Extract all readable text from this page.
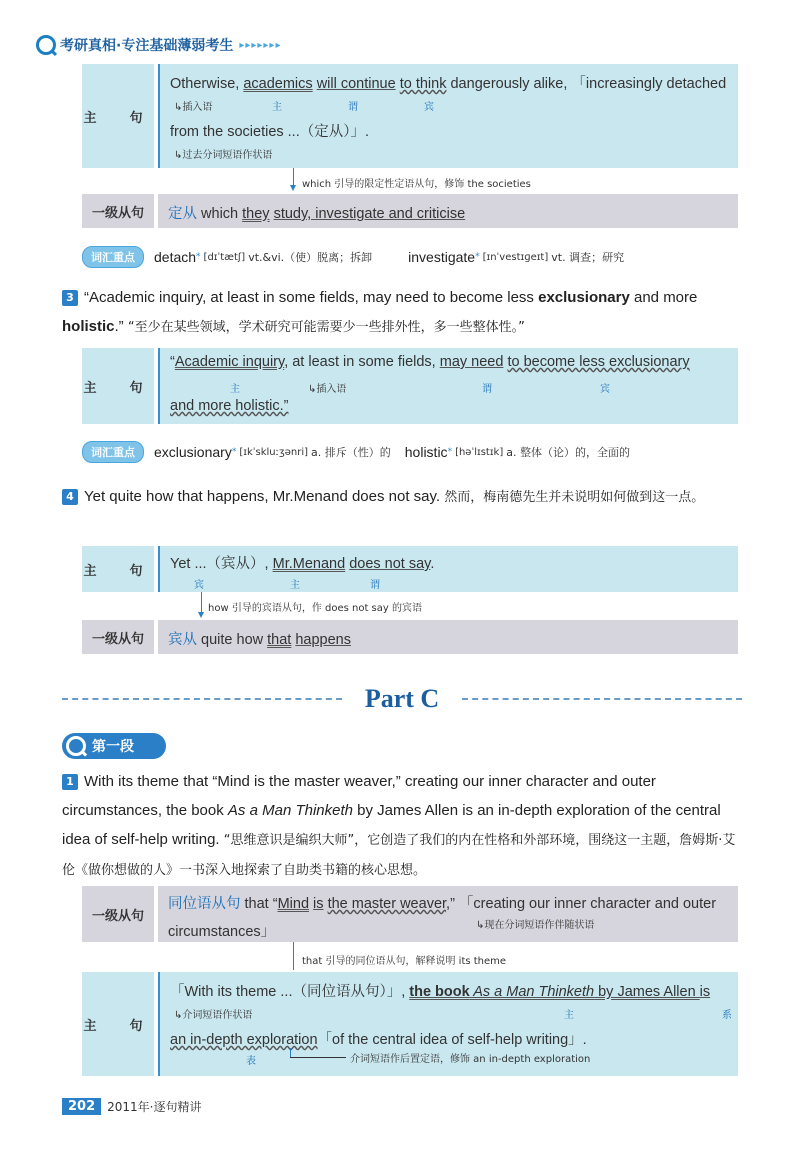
考研真相·专注基础薄弱考生 ▸▸▸▸▸▸▸
主　句
Otherwise, academics will continue to think dangerously alike, 「increasingly detached
↳插入语	主	谓	宾
from the societies ...（定从）」.
↳过去分词短语作状语
which 引导的限定性定语从句，修饰 the societies
一级从句	定从 which they study, investigate and criticise
词汇重点	detach * [dɪˈtætʃ] vt.&vi.（使）脱离；拆卸	investigate * [ɪnˈvestɪɡeɪt] vt. 调查；研究
3 “Academic inquiry, at least in some fields, may need to become less exclusionary and more holistic.” “至少在某些领域，学术研究可能需要少一些排外性，多一些整体性。”
主　句
“Academic inquiry, at least in some fields, may need to become less exclusionary
主	↳插入语	谓	宾
and more holistic.”
词汇重点	exclusionary * [ɪkˈskluːʒənri] a. 排斥（性）的 holistic * [həˈlɪstɪk] a. 整体（论）的，全面的
4 Yet quite how that happens, Mr.Menand does not say. 然而，梅南德先生并未说明如何做到这一点。
主　句 Yet ...（宾从）, Mr.Menand does not say.
宾	主	谓
how 引导的宾语从句，作 does not say 的宾语
一级从句	宾从 quite how that happens
Part C
第一段
1 With its theme that “Mind is the master weaver,” creating our inner character and outer circumstances, the book As a Man Thinketh by James Allen is an in-depth exploration of the central idea of self-help writing. “思维意识是编织大师”，它创造了我们的内在性格和外部环境，围绕这一主题，詹姆斯·艾伦《做你想做的人》一书深入地探索了自助类书籍的核心思想。
一级从句
同位语从句 that “Mind is the master weaver,” 「creating our inner character and outer
↳现在分词短语作伴随状语
circumstances」
that 引导的同位语从句，解释说明 its theme
主　句
「With its theme ...（同位语从句）」, the book As a Man Thinketh by James Allen is
↳介词短语作状语	主	系
an in-depth exploration「of the central idea of self-help writing」.
表	介词短语作后置定语，修饰 an in-depth exploration
202	2011年·逐句精讲
